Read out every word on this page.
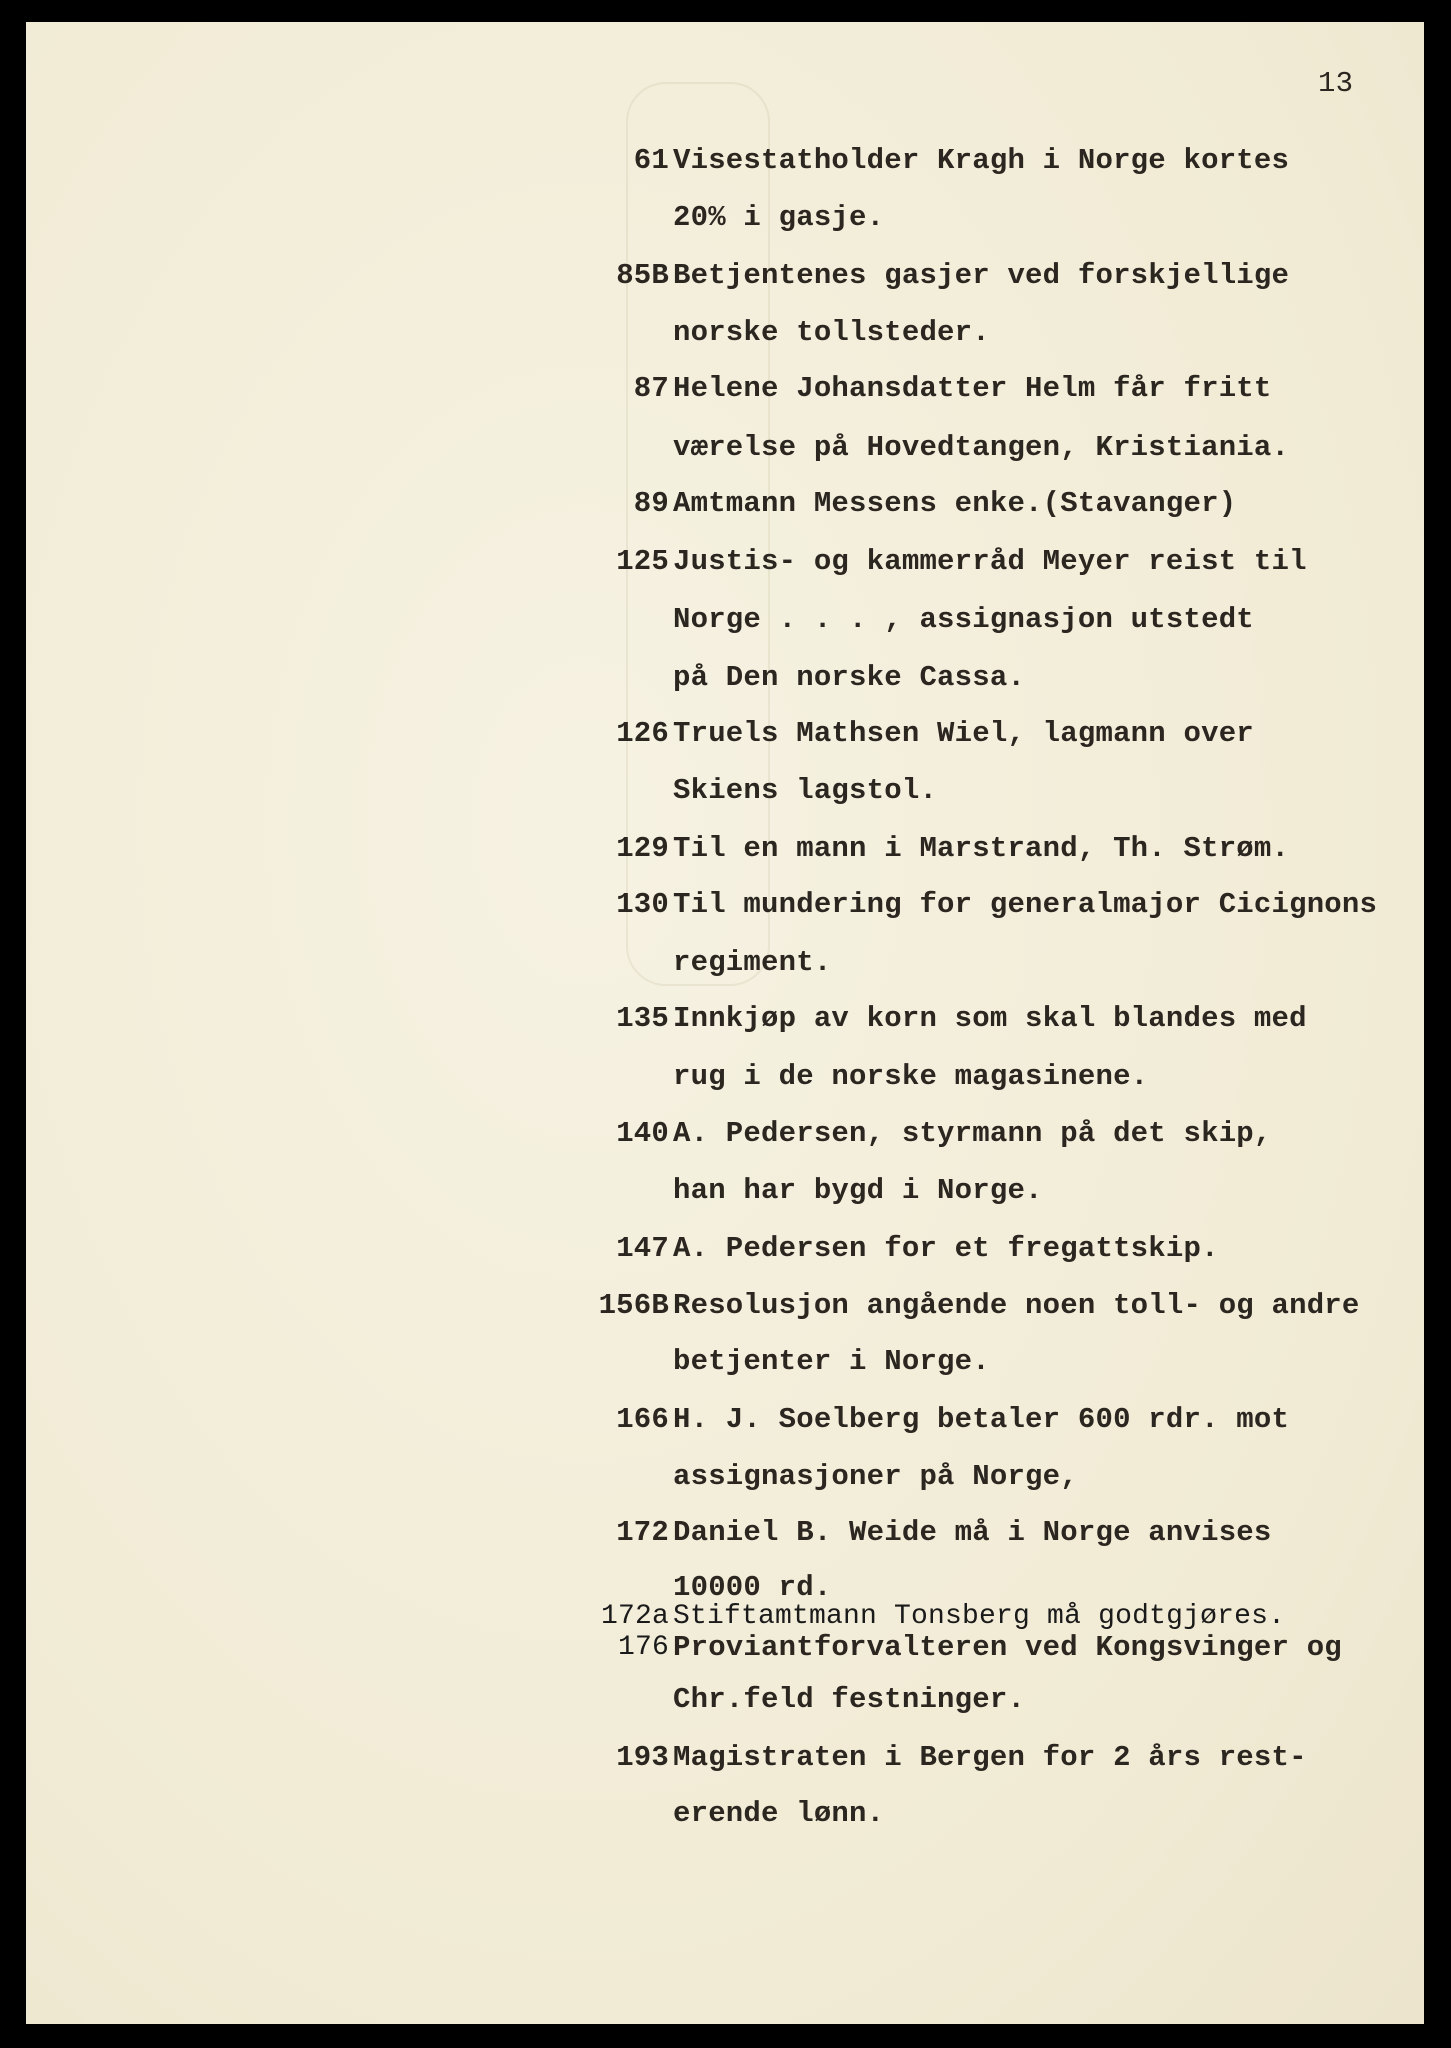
13
61 Visestatholder Kragh i Norge kortes
20% i gasje.
85B Betjentenes gasjer ved forskjellige
norske tollsteder.
87 Helene Johansdatter Helm får fritt
værelse på Hovedtangen, Kristiania.
89 Amtmann Messens enke.(Stavanger)
125 Justis- og kammerråd Meyer reist til
Norge . . . , assignasjon utstedt
på Den norske Cassa.
126 Truels Mathsen Wiel, lagmann over
Skiens lagstol.
129 Til en mann i Marstrand, Th. Strøm.
130 Til mundering for generalmajor Cicignons
regiment.
135 Innkjøp av korn som skal blandes med
rug i de norske magasinene.
140 A. Pedersen, styrmann på det skip,
han har bygd i Norge.
147 A. Pedersen for et fregattskip.
156B Resolusjon angående noen toll- og andre
betjenter i Norge.
166 H. J. Soelberg betaler 600 rdr. mot
assignasjoner på Norge,
172 Daniel B. Weide må i Norge anvises
10000 rd.
172a Stiftamtmann Tonsberg må godtgjøres.
176 Proviantforvalteren ved Kongsvinger og
Chr.feld festninger.
193 Magistraten i Bergen for 2 års rest-
erende lønn.
